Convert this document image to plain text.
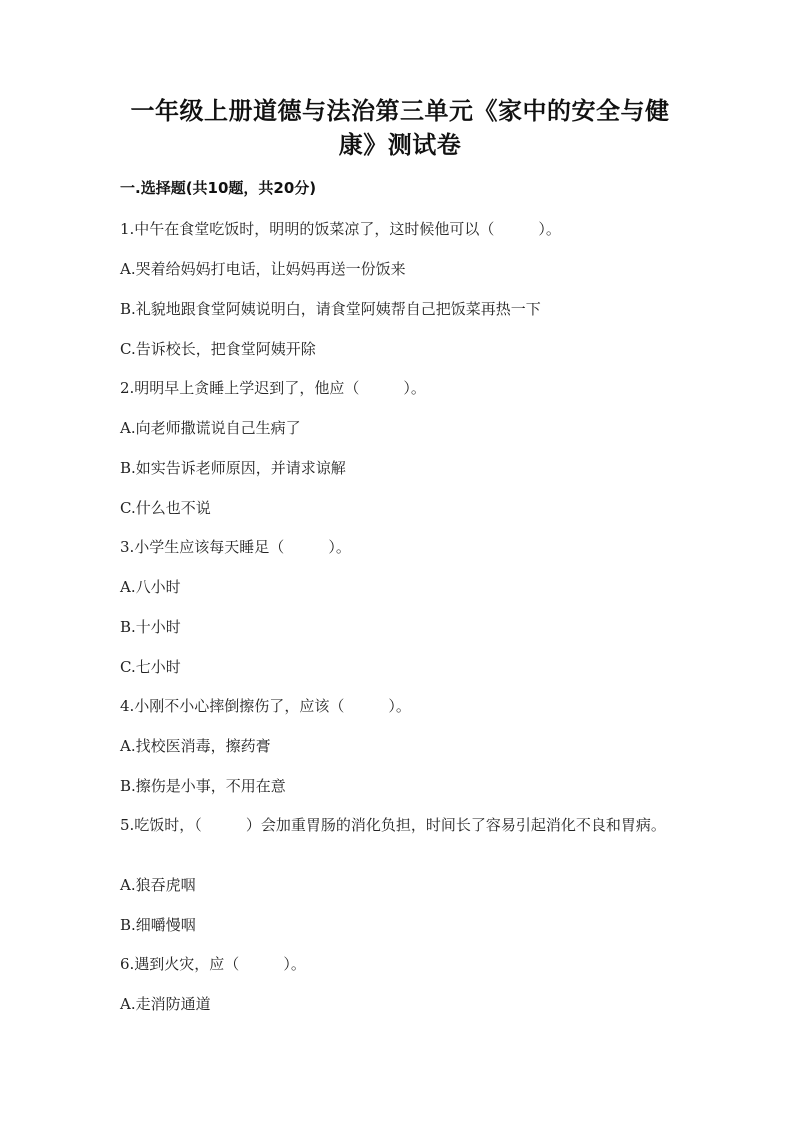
一年级上册道德与法治第三单元《家中的安全与健康》测试卷
一.选择题(共10题，共20分)
1.中午在食堂吃饭时，明明的饭菜凉了，这时候他可以（	）。
A.哭着给妈妈打电话，让妈妈再送一份饭来
B.礼貌地跟食堂阿姨说明白，请食堂阿姨帮自己把饭菜再热一下
C.告诉校长，把食堂阿姨开除
2.明明早上贪睡上学迟到了，他应（	）。
A.向老师撒谎说自己生病了
B.如实告诉老师原因，并请求谅解
C.什么也不说
3.小学生应该每天睡足（	）。
A.八小时
B.十小时
C.七小时
4.小刚不小心摔倒擦伤了，应该（	）。
A.找校医消毒，擦药膏
B.擦伤是小事，不用在意
5.吃饭时，（	）会加重胃肠的消化负担，时间长了容易引起消化不良和胃病。
A.狼吞虎咽
B.细嚼慢咽
6.遇到火灾，应（	）。
A.走消防通道
